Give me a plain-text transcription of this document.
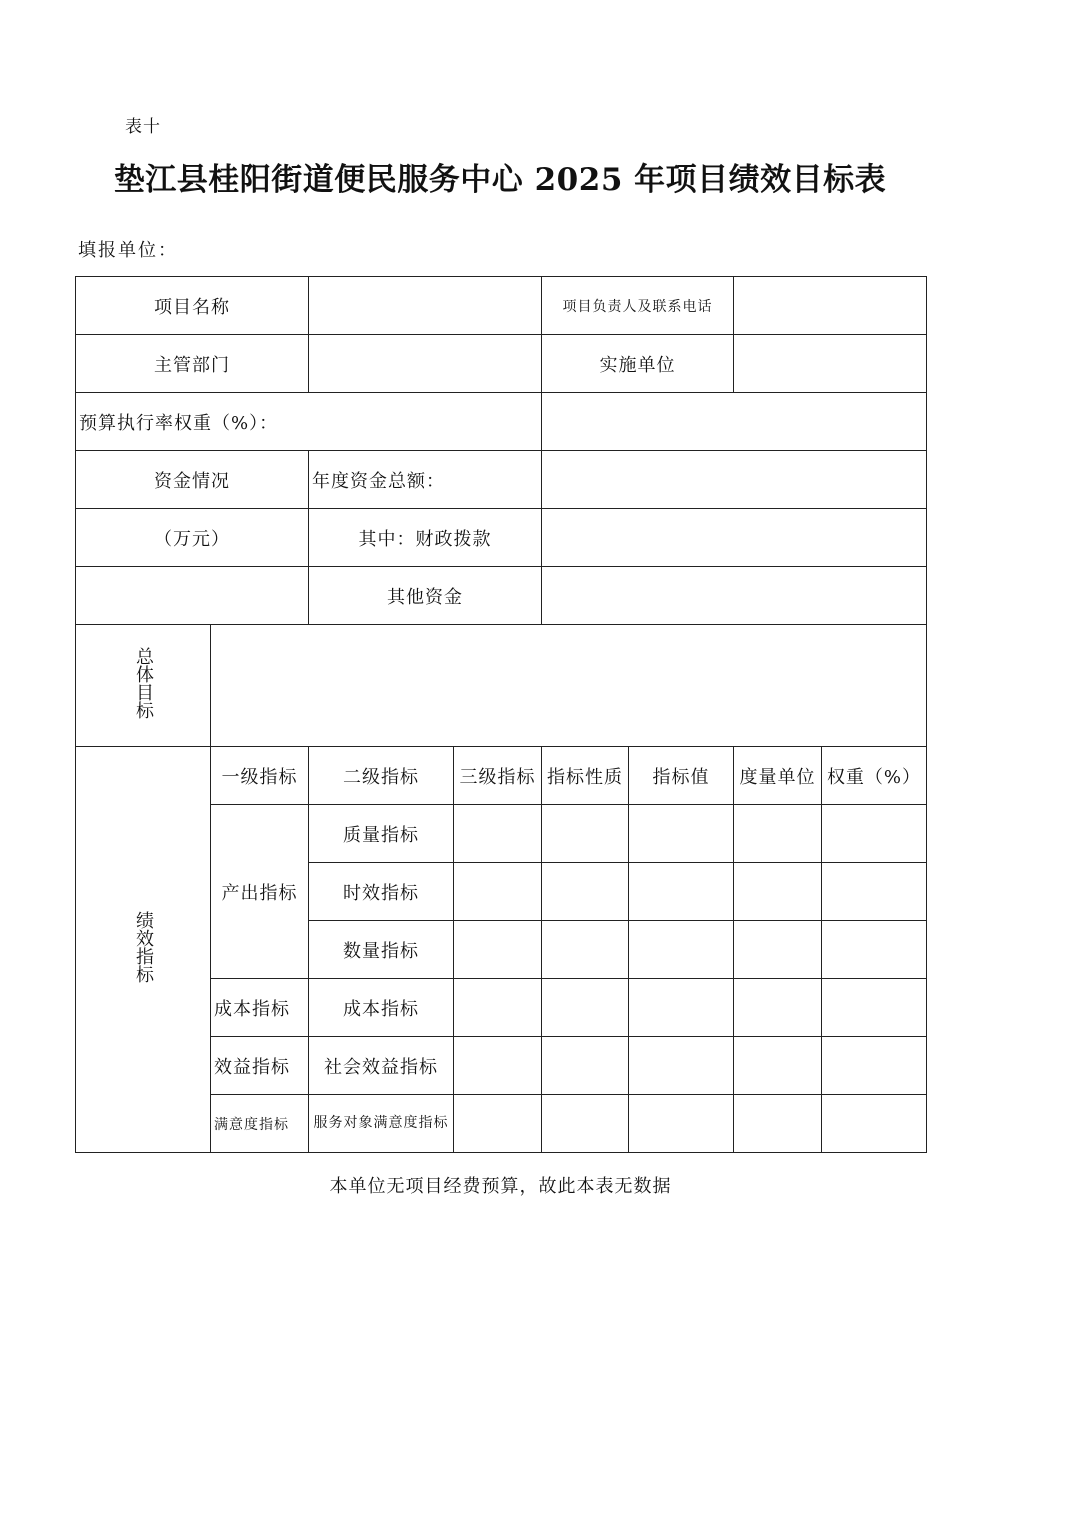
表十
垫江县桂阳街道便民服务中心 2025 年项目绩效目标表
填报单位：
项目名称				项目负责人及联系电话			
主管部门				实施单位			
预算执行率权重（%）：							
资金情况		年度资金总额：					
（万元）		其中：财政拨款					
		其他资金					
总体目标							
绩效指标	一级指标	二级指标	三级指标	指标性质	指标值	度量单位	权重（%）
	产出指标	质量指标					
		时效指标					
		数量指标					
	成本指标	成本指标					
	效益指标	社会效益指标					
	满意度指标	服务对象满意度指标					
本单位无项目经费预算，故此本表无数据
